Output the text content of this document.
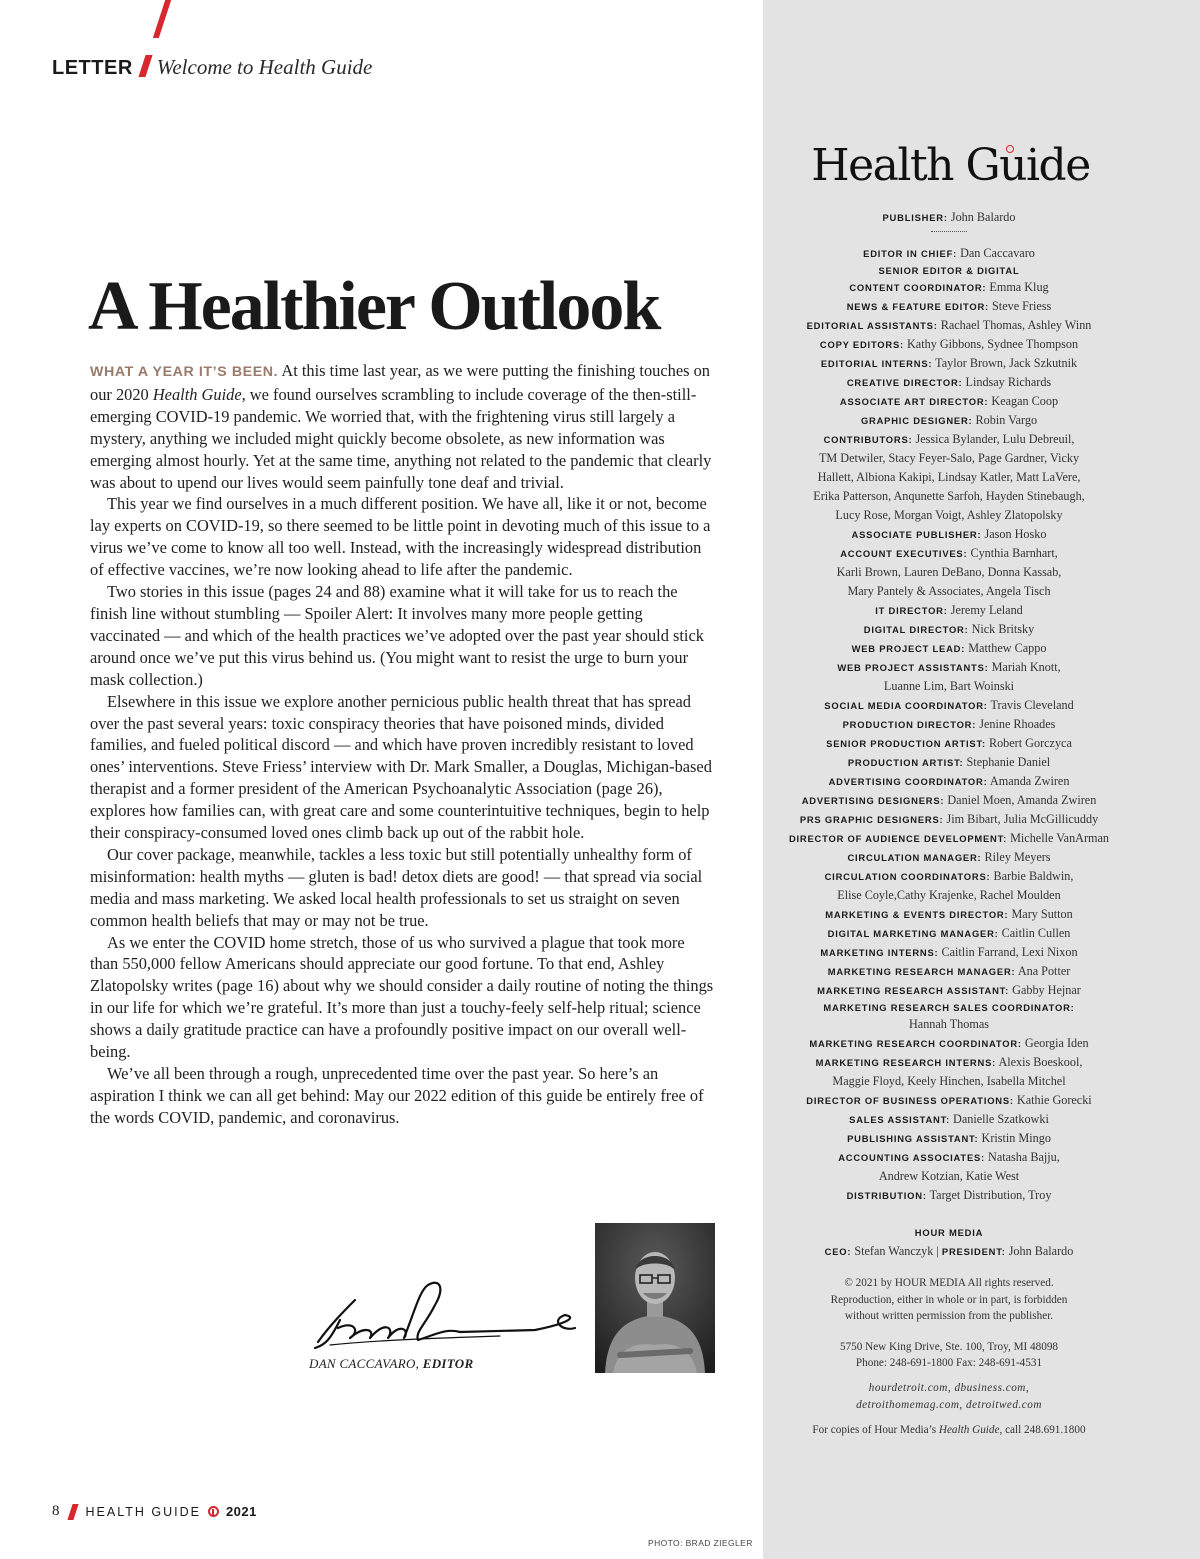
LETTER Welcome to Health Guide
A Healthier Outlook

WHAT A YEAR IT’S BEEN. At this time last year, as we were putting the finishing touches on our 2020 Health Guide, we found ourselves scrambling to include coverage of the then-still-emerging COVID-19 pandemic. We worried that, with the frightening virus still largely a mystery, anything we included might quickly become obsolete, as new information was emerging almost hourly. Yet at the same time, anything not related to the pandemic that clearly was about to upend our lives would seem painfully tone deaf and trivial.

This year we find ourselves in a much different position. We have all, like it or not, become lay experts on COVID-19, so there seemed to be little point in devoting much of this issue to a virus we’ve come to know all too well. Instead, with the increasingly widespread distribution of effective vaccines, we’re now looking ahead to life after the pandemic.

Two stories in this issue (pages 24 and 88) examine what it will take for us to reach the finish line without stumbling — Spoiler Alert: It involves many more people getting vaccinated — and which of the health practices we’ve adopted over the past year should stick around once we’ve put this virus behind us. (You might want to resist the urge to burn your mask collection.)

Elsewhere in this issue we explore another pernicious public health threat that has spread over the past several years: toxic conspiracy theories that have poisoned minds, divided families, and fueled political discord — and which have proven incredibly resistant to loved ones’ interventions. Steve Friess’ interview with Dr. Mark Smaller, a Douglas, Michigan-based therapist and a former president of the American Psychoanalytic Association (page 26), explores how families can, with great care and some counterintuitive techniques, begin to help their conspiracy-consumed loved ones climb back up out of the rabbit hole.

Our cover package, meanwhile, tackles a less toxic but still potentially unhealthy form of misinformation: health myths — gluten is bad! detox diets are good! — that spread via social media and mass marketing. We asked local health professionals to set us straight on seven common health beliefs that may or may not be true.

As we enter the COVID home stretch, those of us who survived a plague that took more than 550,000 fellow Americans should appreciate our good fortune. To that end, Ashley Zlatopolsky writes (page 16) about why we should consider a daily routine of noting the things in our life for which we’re grateful. It’s more than just a touchy-feely self-help ritual; science shows a daily gratitude practice can have a profoundly positive impact on our overall well-being.

We’ve all been through a rough, unprecedented time over the past year. So here’s an aspiration I think we can all get behind: May our 2022 edition of this guide be entirely free of the words COVID, pandemic, and coronavirus.

DAN CACCAVARO, EDITOR
Health Guide
PUBLISHER: John Balardo
EDITOR IN CHIEF: Dan Caccavaro
SENIOR EDITOR & DIGITAL
CONTENT COORDINATOR: Emma Klug
NEWS & FEATURE EDITOR: Steve Friess
EDITORIAL ASSISTANTS: Rachael Thomas, Ashley Winn
COPY EDITORS: Kathy Gibbons, Sydnee Thompson
EDITORIAL INTERNS: Taylor Brown, Jack Szkutnik
CREATIVE DIRECTOR: Lindsay Richards
ASSOCIATE ART DIRECTOR: Keagan Coop
GRAPHIC DESIGNER: Robin Vargo
CONTRIBUTORS: Jessica Bylander, Lulu Debreuil,
TM Detwiler, Stacy Feyer-Salo, Page Gardner, Vicky
Hallett, Albiona Kakipi, Lindsay Katler, Matt LaVere,
Erika Patterson, Anqunette Sarfoh, Hayden Stinebaugh,
Lucy Rose, Morgan Voigt, Ashley Zlatopolsky
ASSOCIATE PUBLISHER: Jason Hosko
ACCOUNT EXECUTIVES: Cynthia Barnhart,
Karli Brown, Lauren DeBano, Donna Kassab,
Mary Pantely & Associates, Angela Tisch
IT DIRECTOR: Jeremy Leland
DIGITAL DIRECTOR: Nick Britsky
WEB PROJECT LEAD: Matthew Cappo
WEB PROJECT ASSISTANTS: Mariah Knott,
Luanne Lim, Bart Woinski
SOCIAL MEDIA COORDINATOR: Travis Cleveland
PRODUCTION DIRECTOR: Jenine Rhoades
SENIOR PRODUCTION ARTIST: Robert Gorczyca
PRODUCTION ARTIST: Stephanie Daniel
ADVERTISING COORDINATOR: Amanda Zwiren
ADVERTISING DESIGNERS: Daniel Moen, Amanda Zwiren
PRS GRAPHIC DESIGNERS: Jim Bibart, Julia McGillicuddy
DIRECTOR OF AUDIENCE DEVELOPMENT: Michelle VanArman
CIRCULATION MANAGER: Riley Meyers
CIRCULATION COORDINATORS: Barbie Baldwin,
Elise Coyle,Cathy Krajenke, Rachel Moulden
MARKETING & EVENTS DIRECTOR: Mary Sutton
DIGITAL MARKETING MANAGER: Caitlin Cullen
MARKETING INTERNS: Caitlin Farrand, Lexi Nixon
MARKETING RESEARCH MANAGER: Ana Potter
MARKETING RESEARCH ASSISTANT: Gabby Hejnar
MARKETING RESEARCH SALES COORDINATOR:
Hannah Thomas
MARKETING RESEARCH COORDINATOR: Georgia Iden
MARKETING RESEARCH INTERNS: Alexis Boeskool,
Maggie Floyd, Keely Hinchen, Isabella Mitchel
DIRECTOR OF BUSINESS OPERATIONS: Kathie Gorecki
SALES ASSISTANT: Danielle Szatkowki
PUBLISHING ASSISTANT: Kristin Mingo
ACCOUNTING ASSOCIATES: Natasha Bajju,
Andrew Kotzian, Katie West
DISTRIBUTION: Target Distribution, Troy
HOUR MEDIA
CEO: Stefan Wanczyk | PRESIDENT: John Balardo
© 2021 by HOUR MEDIA All rights reserved.
Reproduction, either in whole or in part, is forbidden
without written permission from the publisher.
5750 New King Drive, Ste. 100, Troy, MI 48098
Phone: 248-691-1800 Fax: 248-691-4531
hourdetroit.com, dbusiness.com,
detroithomemag.com, detroitwed.com
For copies of Hour Media’s Health Guide, call 248.691.1800
8 HEALTH GUIDE 2021
PHOTO: BRAD ZIEGLER
